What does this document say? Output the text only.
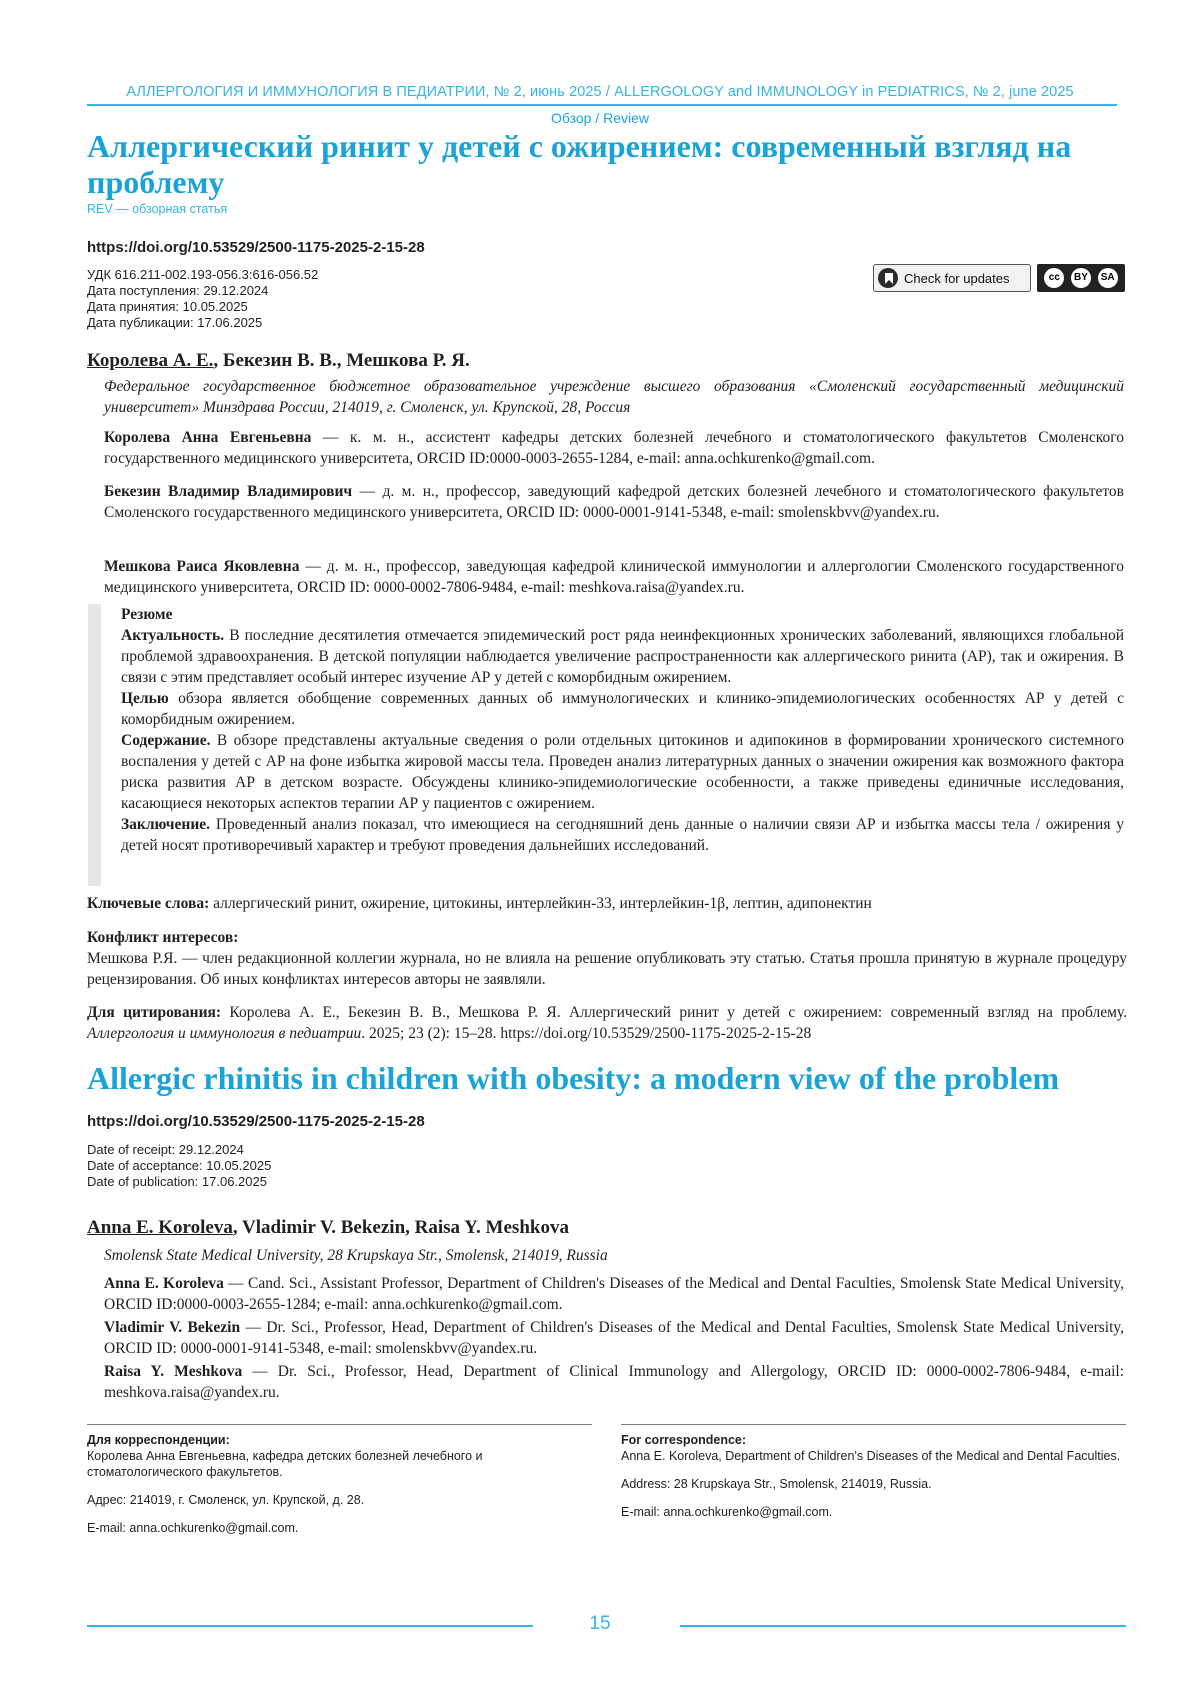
АЛЛЕРГОЛОГИЯ И ИММУНОЛОГИЯ В ПЕДИАТРИИ, № 2, июнь 2025 / ALLERGOLOGY and IMMUNOLOGY in PEDIATRICS, № 2, june 2025
Обзор / Review
Аллергический ринит у детей с ожирением: современный взгляд на проблему
REV — обзорная статья
https://doi.org/10.53529/2500-1175-2025-2-15-28
УДК 616.211-002.193-056.3:616-056.52
Дата поступления: 29.12.2024
Дата принятия: 10.05.2025
Дата публикации: 17.06.2025
Check for updates	cc	BY	SA
Королева А. Е., Бекезин В. В., Мешкова Р. Я.
Федеральное государственное бюджетное образовательное учреждение высшего образования «Смоленский государственный медицинский университет» Минздрава России, 214019, г. Смоленск, ул. Крупской, 28, Россия
Королева Анна Евгеньевна — к. м. н., ассистент кафедры детских болезней лечебного и стоматологического факультетов Смоленского государственного медицинского университета, ORCID ID:0000-0003-2655-1284, e-mail: anna.ochkurenko@gmail.com.
Бекезин Владимир Владимирович — д. м. н., профессор, заведующий кафедрой детских болезней лечебного и стоматологического факультетов Смоленского государственного медицинского университета, ORCID ID: 0000-0001-9141-5348, e-mail: smolenskbvv@yandex.ru.
Мешкова Раиса Яковлевна — д. м. н., профессор, заведующая кафедрой клинической иммунологии и аллергологии Смоленского государственного медицинского университета, ORCID ID: 0000-0002-7806-9484, e-mail: meshkova.raisa@yandex.ru.

Резюме

Актуальность. В последние десятилетия отмечается эпидемический рост ряда неинфекционных хронических заболеваний, являющихся глобальной проблемой здравоохранения. В детской популяции наблюдается увеличение распространенности как аллергического ринита (АР), так и ожирения. В связи с этим представляет особый интерес изучение АР у детей с коморбидным ожирением.

Целью обзора является обобщение современных данных об иммунологических и клинико-эпидемиологических особенностях АР у детей с коморбидным ожирением.

Содержание. В обзоре представлены актуальные сведения о роли отдельных цитокинов и адипокинов в формировании хронического системного воспаления у детей с АР на фоне избытка жировой массы тела. Проведен анализ литературных данных о значении ожирения как возможного фактора риска развития АР в детском возрасте. Обсуждены клинико-эпидемиологические особенности, а также приведены единичные исследования, касающиеся некоторых аспектов терапии АР у пациентов с ожирением.

Заключение. Проведенный анализ показал, что имеющиеся на сегодняшний день данные о наличии связи АР и избытка массы тела / ожирения у детей носят противоречивый характер и требуют проведения дальнейших исследований.

Ключевые слова: аллергический ринит, ожирение, цитокины, интерлейкин-33, интерлейкин-1β, лептин, адипонектин
Конфликт интересов:
Мешкова Р.Я. — член редакционной коллегии журнала, но не влияла на решение опубликовать эту статью. Статья прошла принятую в журнале процедуру рецензирования. Об иных конфликтах интересов авторы не заявляли.
Для цитирования: Королева А. Е., Бекезин В. В., Мешкова Р. Я. Аллергический ринит у детей с ожирением: современный взгляд на проблему. Аллергология и иммунология в педиатрии. 2025; 23 (2): 15–28. https://doi.org/10.53529/2500-1175-2025-2-15-28
Allergic rhinitis in children with obesity: a modern view of the problem
https://doi.org/10.53529/2500-1175-2025-2-15-28
Date of receipt: 29.12.2024
Date of acceptance: 10.05.2025
Date of publication: 17.06.2025
Anna E. Koroleva, Vladimir V. Bekezin, Raisa Y. Meshkova
Smolensk State Medical University, 28 Krupskaya Str., Smolensk, 214019, Russia
Anna E. Koroleva — Cand. Sci., Assistant Professor, Department of Children's Diseases of the Medical and Dental Faculties, Smolensk State Medical University, ORCID ID:0000-0003-2655-1284; e-mail: anna.ochkurenko@gmail.com.
Vladimir V. Bekezin — Dr. Sci., Professor, Head, Department of Children's Diseases of the Medical and Dental Faculties, Smolensk State Medical University, ORCID ID: 0000-0001-9141-5348, e-mail: smolenskbvv@yandex.ru.
Raisa Y. Meshkova — Dr. Sci., Professor, Head, Department of Clinical Immunology and Allergology, ORCID ID: 0000-0002-7806-9484, e-mail: meshkova.raisa@yandex.ru.
Для корреспонденции:

Королева Анна Евгеньевна, кафедра детских болезней лечебного и стоматологического факультетов.

Адрес: 214019, г. Смоленск, ул. Крупской, д. 28.

E-mail: anna.ochkurenko@gmail.com.

For correspondence:

Anna E. Koroleva, Department of Children's Diseases of the Medical and Dental Faculties.

Address: 28 Krupskaya Str., Smolensk, 214019, Russia.

E-mail: anna.ochkurenko@gmail.com.

15
